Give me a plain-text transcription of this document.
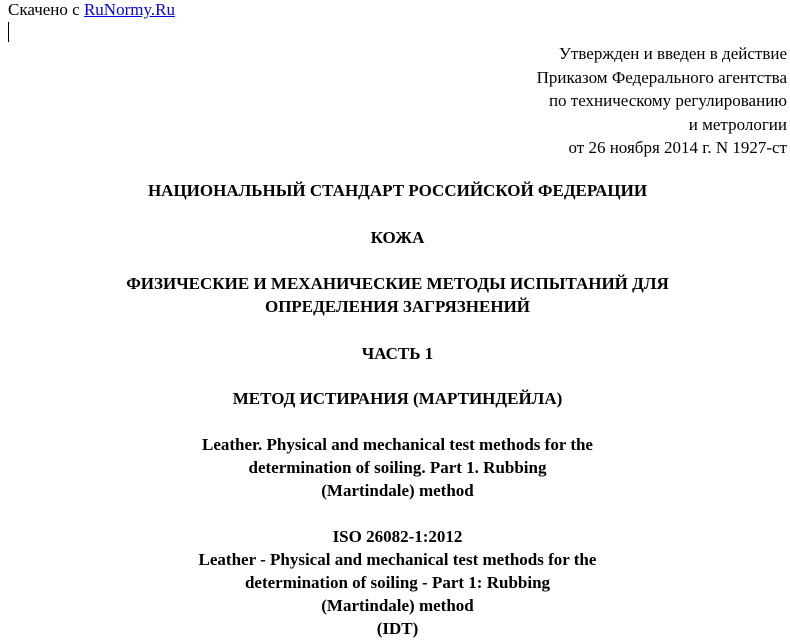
Скачено с RuNormy.Ru
Утвержден и введен в действие
Приказом Федерального агентства
по техническому регулированию
и метрологии
от 26 ноября 2014 г. N 1927-ст
НАЦИОНАЛЬНЫЙ СТАНДАРТ РОССИЙСКОЙ ФЕДЕРАЦИИ
КОЖА
ФИЗИЧЕСКИЕ И МЕХАНИЧЕСКИЕ МЕТОДЫ ИСПЫТАНИЙ ДЛЯ
ОПРЕДЕЛЕНИЯ ЗАГРЯЗНЕНИЙ
ЧАСТЬ 1
МЕТОД ИСТИРАНИЯ (МАРТИНДЕЙЛА)
Leather. Physical and mechanical test methods for the
determination of soiling. Part 1. Rubbing
(Martindale) method
ISO 26082-1:2012
Leather - Physical and mechanical test methods for the
determination of soiling - Part 1: Rubbing
(Martindale) method
(IDT)
